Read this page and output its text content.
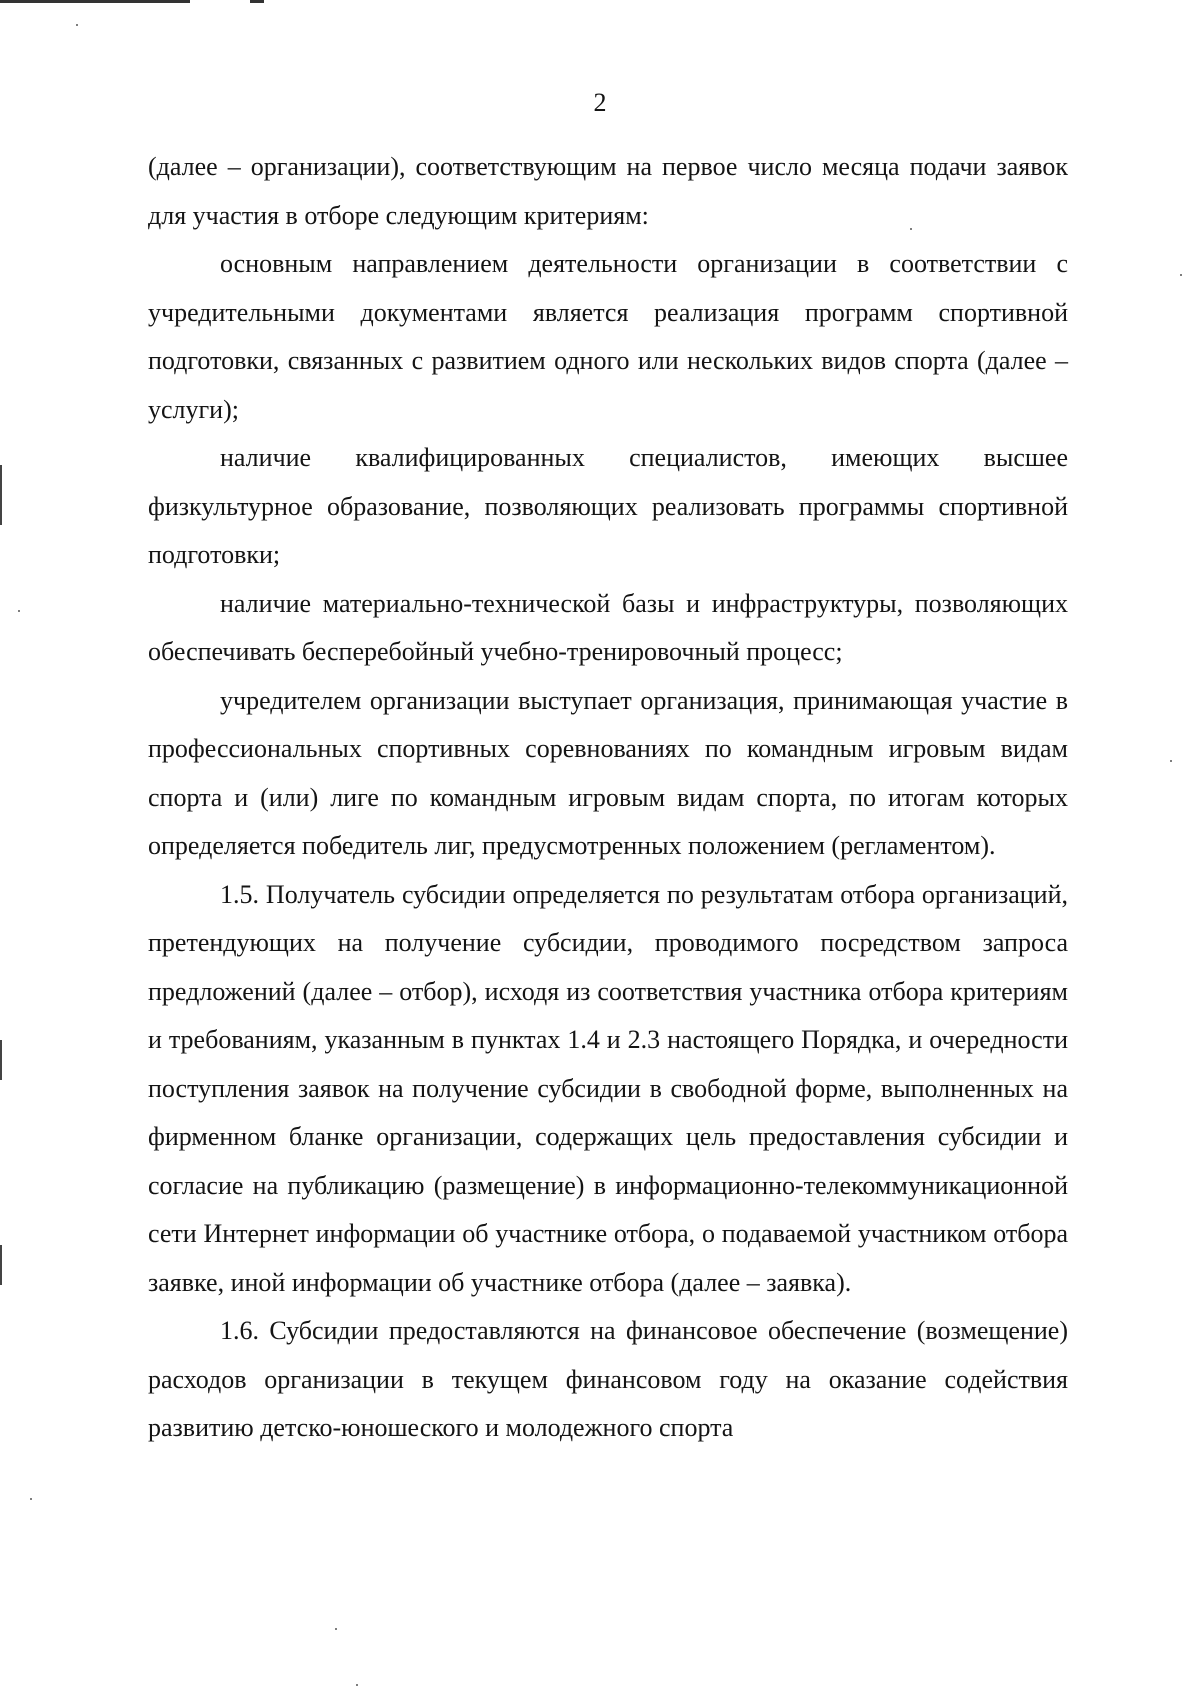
2

(далее – организации), соответствующим на первое число месяца подачи заявок для участия в отборе следующим критериям:

основным направлением деятельности организации в соответствии с учредительными документами является реализация программ спортивной подготовки, связанных с развитием одного или нескольких видов спорта (далее – услуги);

наличие квалифицированных специалистов, имеющих высшее физкультурное образование, позволяющих реализовать программы спортивной подготовки;

наличие материально-технической базы и инфраструктуры, позволяющих обеспечивать бесперебойный учебно-тренировочный процесс;

учредителем организации выступает организация, принимающая участие в профессиональных спортивных соревнованиях по командным игровым видам спорта и (или) лиге по командным игровым видам спорта, по итогам которых определяется победитель лиг, предусмотренных положением (регламентом).

1.5. Получатель субсидии определяется по результатам отбора организаций, претендующих на получение субсидии, проводимого посредством запроса предложений (далее – отбор), исходя из соответствия участника отбора критериям и требованиям, указанным в пунктах 1.4 и 2.3 настоящего Порядка, и очередности поступления заявок на получение субсидии в свободной форме, выполненных на фирменном бланке организации, содержащих цель предоставления субсидии и согласие на публикацию (размещение) в информационно-телекоммуникационной сети Интернет информации об участнике отбора, о подаваемой участником отбора заявке, иной информации об участнике отбора (далее – заявка).

1.6. Субсидии предоставляются на финансовое обеспечение (возмещение) расходов организации в текущем финансовом году на оказание содействия развитию детско-юношеского и молодежного спорта
